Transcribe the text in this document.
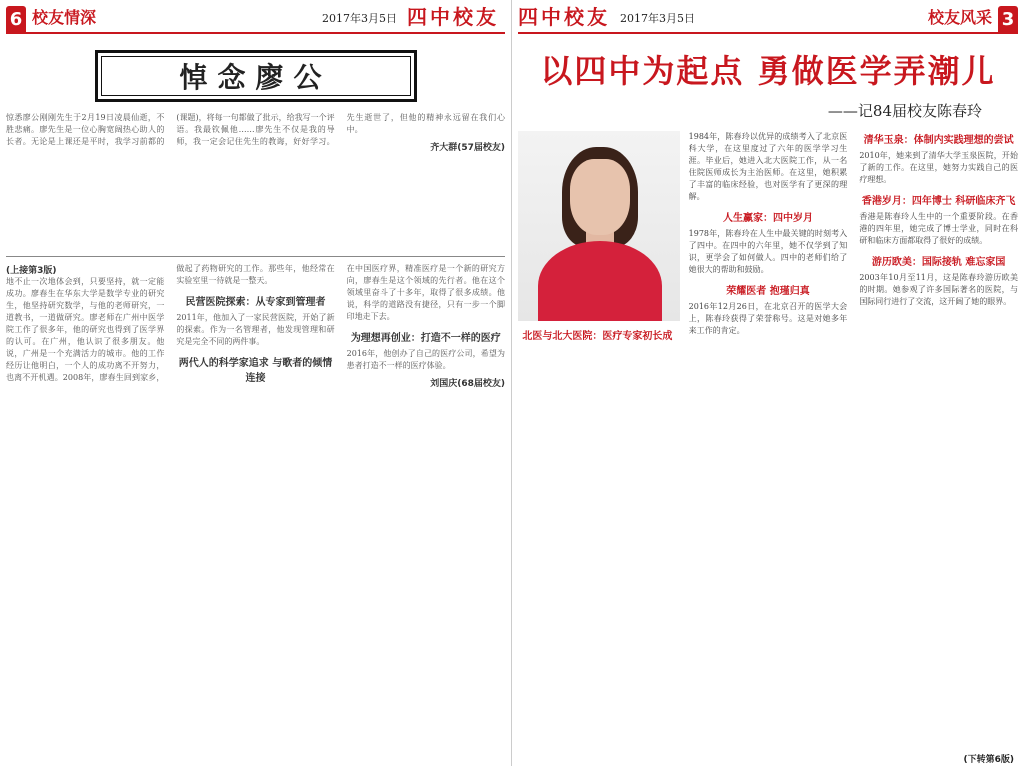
6 校友情深	2017年3月5日 四中校友
悼念廖公
惊悉廖公刚刚先生于2月19日凌晨仙逝，不胜悲痛。廖先生是一位心胸宽阔热心助人的长者。无论是上课还是平时，我学习前都的(课题)，将每一句都做了批示，给我写一个评语。我最钦佩他……廖先生不仅是我的导师，我一定会记住先生的教诲，好好学习。先生逝世了，但他的精神永远留在我们心中。
齐大群(57届校友)
(上接第3版)
地不止一次地体会到，只要坚持，就一定能成功。廖春生在华东大学是数学专业的研究生，他坚持研究数学，与他的老师研究，一道教书，一道做研究。廖老师在广州中医学院工作了很多年，他的研究也得到了医学界的认可。在广州，他认识了很多朋友。他说，广州是一个充满活力的城市。他的工作经历让他明白，一个人的成功离不开努力，也离不开机遇。2008年，廖春生回到家乡，做起了药物研究的工作。那些年，他经常在实验室里一待就是一整天。
民营医院探索：从专家到管理者
2011年，他加入了一家民营医院，开始了新的探索。作为一名管理者，他发现管理和研究是完全不同的两件事。
两代人的科学家追求 与歌者的倾情连接
在中国医疗界，精准医疗是一个新的研究方向，廖春生是这个领域的先行者。他在这个领域里奋斗了十多年，取得了很多成绩。他说，科学的道路没有捷径，只有一步一个脚印地走下去。
为理想再创业：打造不一样的医疗
2016年，他创办了自己的医疗公司，希望为患者打造不一样的医疗体验。
刘国庆(68届校友)
四中校友 2017年3月5日	校友风采 3
以四中为起点 勇做医学弄潮儿
——记84届校友陈春玲
北医与北大医院：医疗专家初长成
1984年，陈春玲以优异的成绩考入了北京医科大学，在这里度过了六年的医学学习生涯。毕业后，她进入北大医院工作，从一名住院医师成长为主治医师。在这里，她积累了丰富的临床经验，也对医学有了更深的理解。
人生赢家：四中岁月
1978年，陈春玲在人生中最关键的时刻考入了四中。在四中的六年里，她不仅学到了知识，更学会了如何做人。四中的老师们给了她很大的帮助和鼓励。
荣耀医者 抱瑾归真
2016年12月26日，在北京召开的医学大会上，陈春玲获得了荣誉称号。这是对她多年来工作的肯定。
清华玉泉：体制内实践理想的尝试
2010年，她来到了清华大学玉泉医院，开始了新的工作。在这里，她努力实践自己的医疗理想。
香港岁月：四年博士 科研临床齐飞
香港是陈春玲人生中的一个重要阶段。在香港的四年里，她完成了博士学业，同时在科研和临床方面都取得了很好的成绩。
游历欧美：国际接轨 难忘家国
2003年10月至11月，这是陈春玲游历欧美的时期。她参观了许多国际著名的医院，与国际同行进行了交流，这开阔了她的眼界。
(下转第6版)
